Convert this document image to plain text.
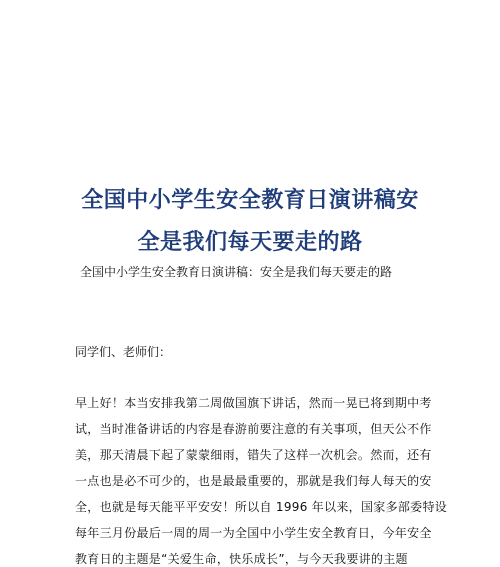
全国中小学生安全教育日演讲稿安
全是我们每天要走的路
全国中小学生安全教育日演讲稿：安全是我们每天要走的路
同学们、老师们：
早上好！本当安排我第二周做国旗下讲话，然而一晃已将到期中考
试，当时准备讲话的内容是春游前要注意的有关事项，但天公不作
美，那天清晨下起了蒙蒙细雨，错失了这样一次机会。然而，还有
一点也是必不可少的，也是最最重要的，那就是我们每人每天的安
全，也就是每天能平平安安！所以自 1996 年以来，国家多部委特设
每年三月份最后一周的周一为全国中小学生安全教育日，今年安全
教育日的主题是“关爱生命，快乐成长”，与今天我要讲的主题
